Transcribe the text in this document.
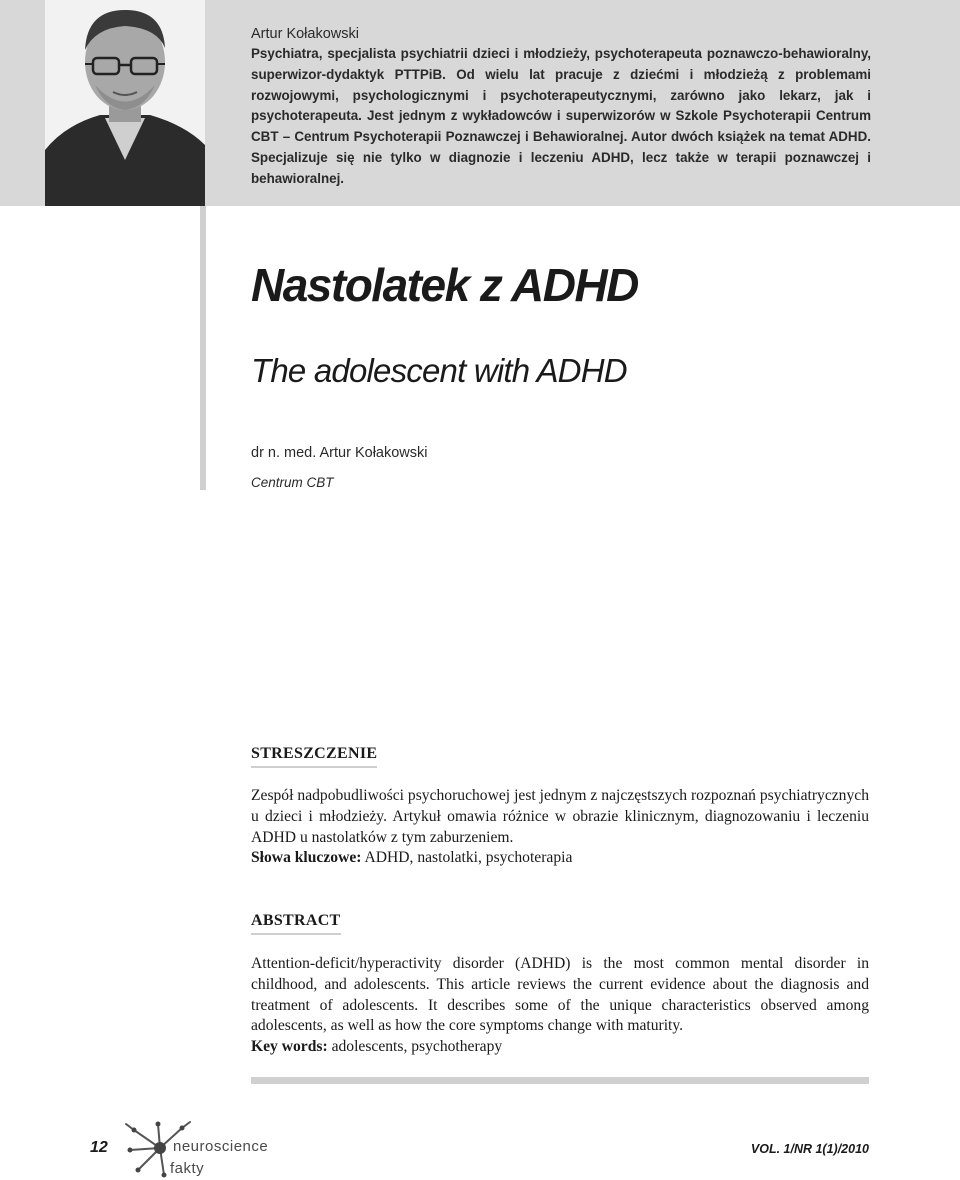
Artur Kołakowski
Psychiatra, specjalista psychiatrii dzieci i młodzieży, psychoterapeuta poznawczo-behawioralny, superwizor-dydaktyk PTTPiB. Od wielu lat pracuje z dziećmi i młodzieżą z problemami rozwojowymi, psychologicznymi i psychoterapeutycznymi, zarówno jako lekarz, jak i psychoterapeuta. Jest jednym z wykładowców i superwizorów w Szkole Psychoterapii Centrum CBT – Centrum Psychoterapii Poznawczej i Behawioralnej. Autor dwóch książek na temat ADHD. Specjalizuje się nie tylko w diagnozie i leczeniu ADHD, lecz także w terapii poznawczej i behawioralnej.
Nastolatek z ADHD
The adolescent with ADHD
dr n. med. Artur Kołakowski
Centrum CBT
STRESZCZENIE
Zespół nadpobudliwości psychoruchowej jest jednym z najczęstszych rozpoznań psychiatrycznych u dzieci i młodzieży. Artykuł omawia różnice w obrazie klinicznym, diagnozowaniu i leczeniu ADHD u nastolatków z tym zaburzeniem.
Słowa kluczowe: ADHD, nastolatki, psychoterapia
ABSTRACT
Attention-deficit/hyperactivity disorder (ADHD) is the most common mental disorder in childhood, and adolescents. This article reviews the current evidence about the diagnosis and treatment of adolescents. It describes some of the unique characteristics observed among adolescents, as well as how the core symptoms change with maturity.
Key words: adolescents, psychotherapy
12	neuroscience
fakty
VOL. 1/NR 1(1)/2010
